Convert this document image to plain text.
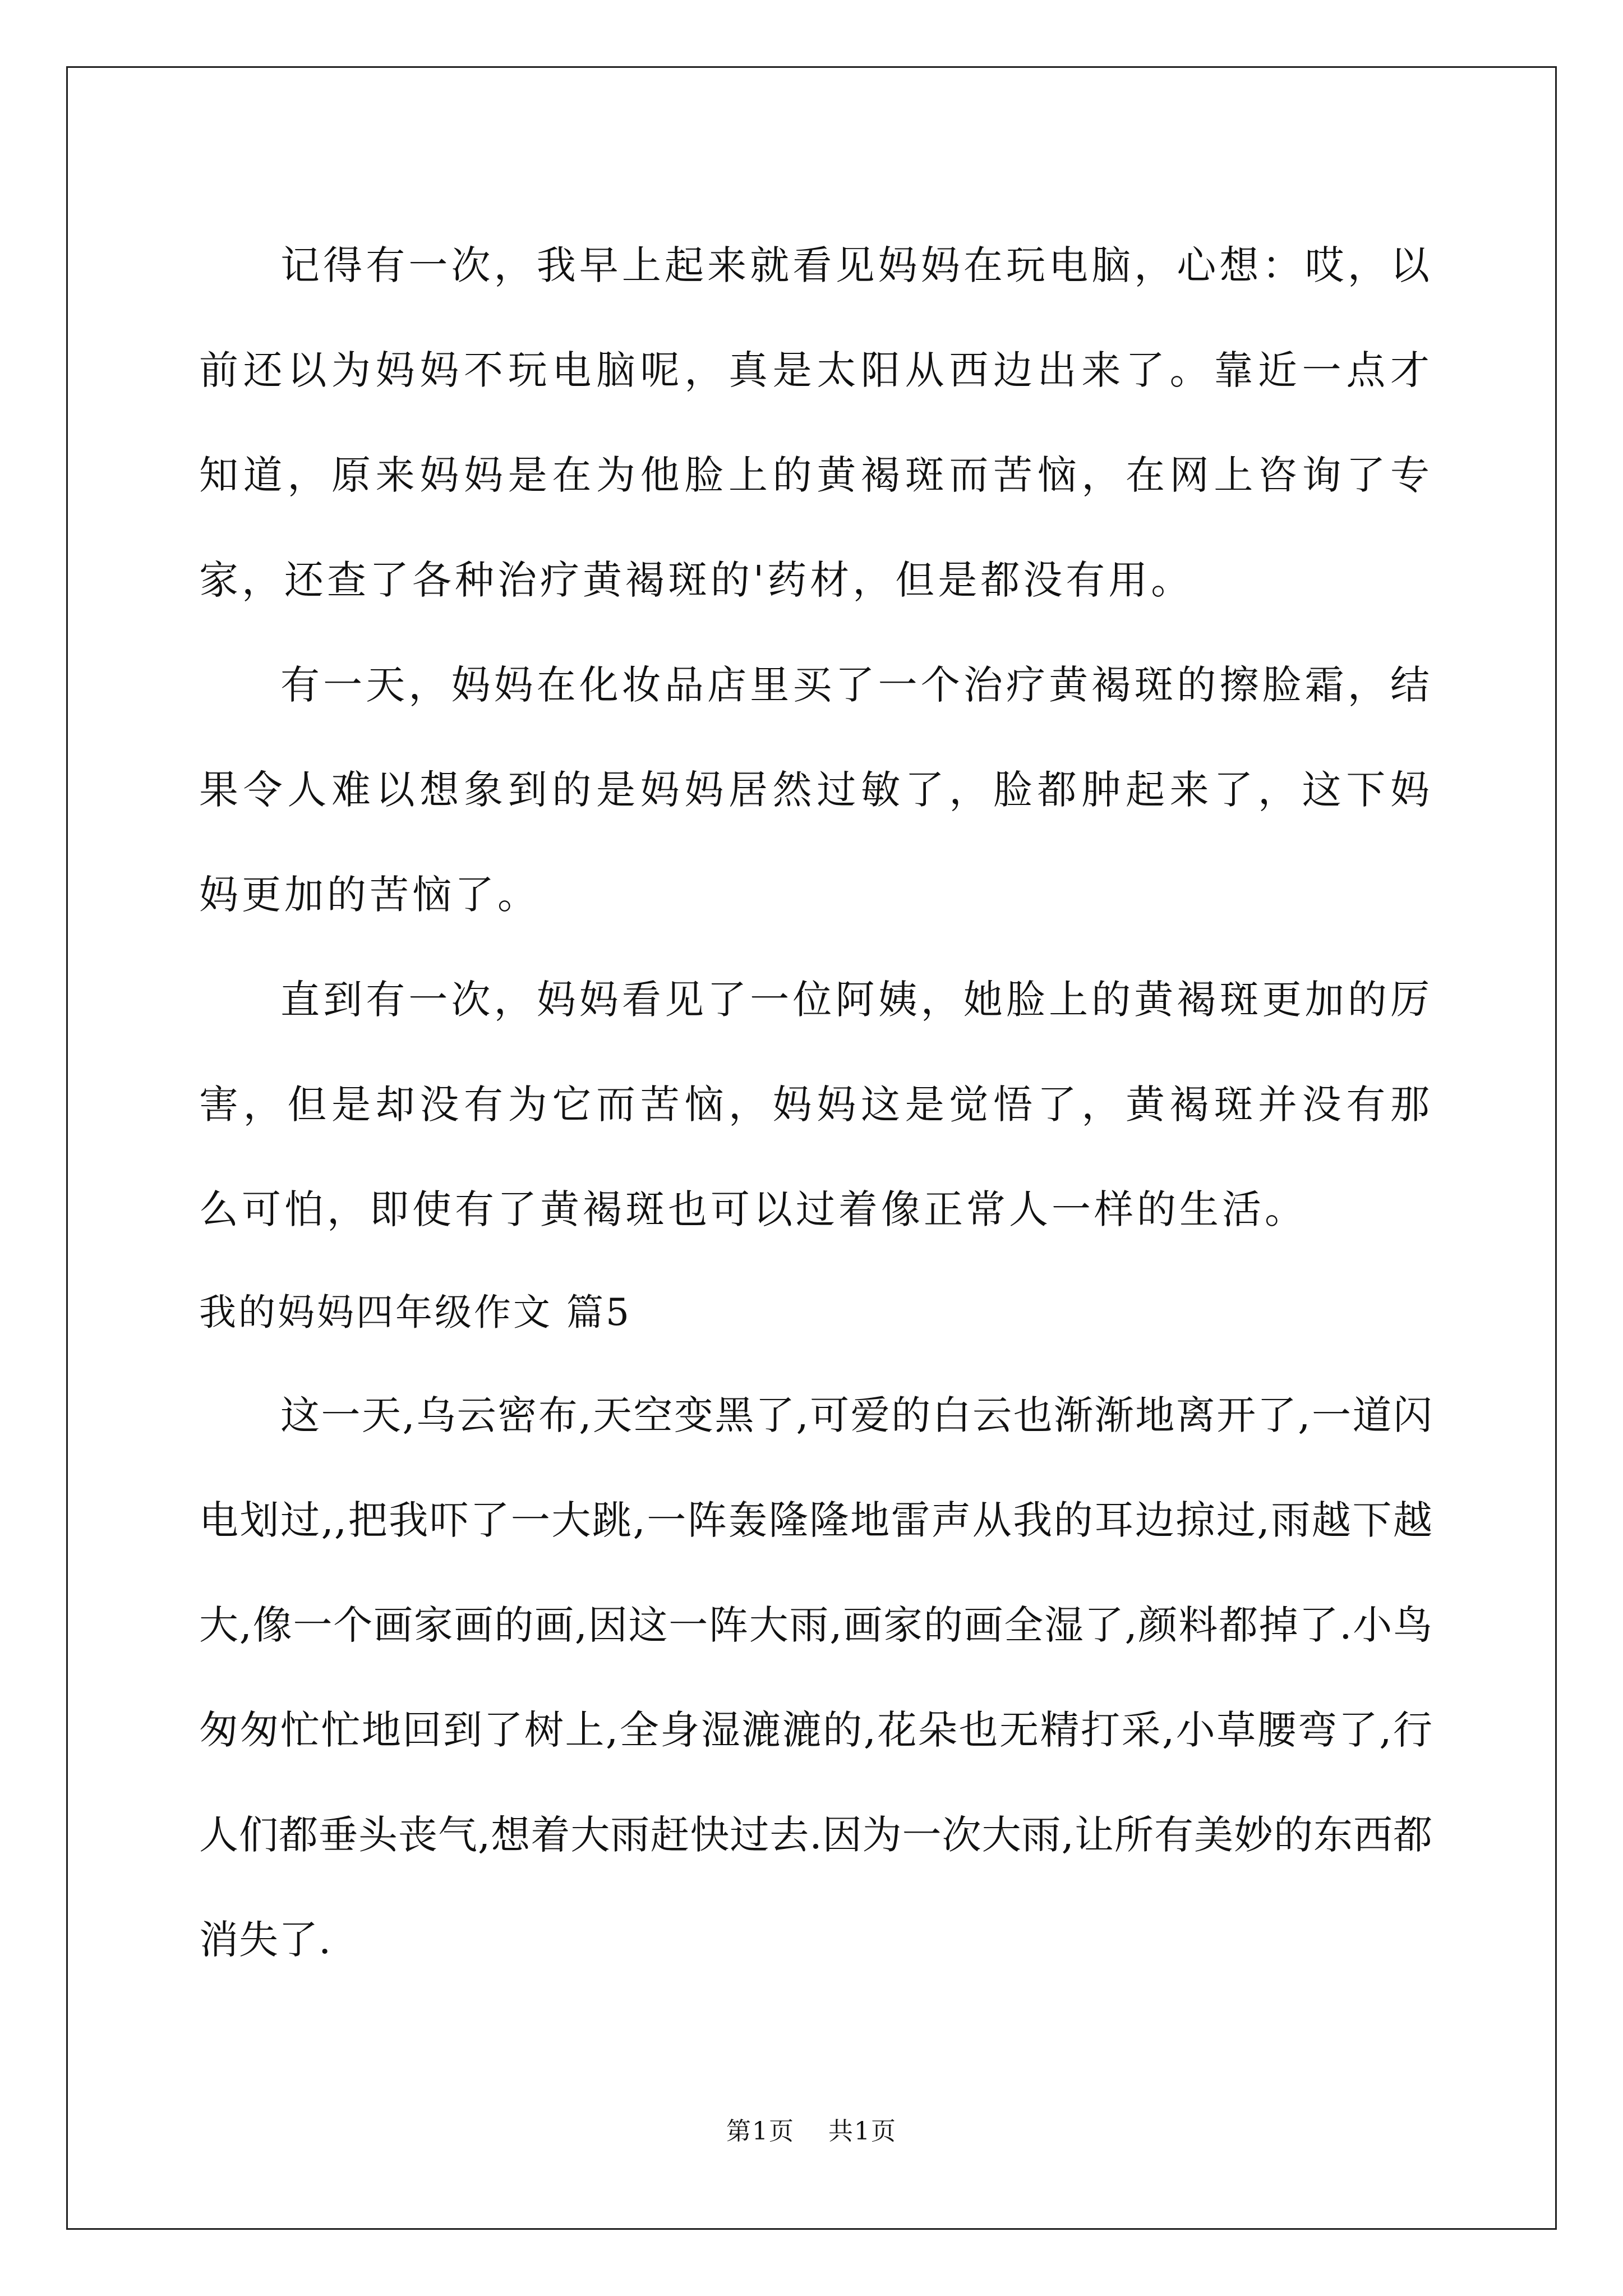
记得有一次，我早上起来就看见妈妈在玩电脑，心想：哎，以前还以为妈妈不玩电脑呢，真是太阳从西边出来了。靠近一点才知道，原来妈妈是在为他脸上的黄褐斑而苦恼，在网上咨询了专家，还查了各种治疗黄褐斑的'药材，但是都没有用。

有一天，妈妈在化妆品店里买了一个治疗黄褐斑的擦脸霜，结果令人难以想象到的是妈妈居然过敏了，脸都肿起来了，这下妈妈更加的苦恼了。

直到有一次，妈妈看见了一位阿姨，她脸上的黄褐斑更加的厉害，但是却没有为它而苦恼，妈妈这是觉悟了，黄褐斑并没有那么可怕，即使有了黄褐斑也可以过着像正常人一样的生活。

我的妈妈四年级作文 篇5

这一天,乌云密布,天空变黑了,可爱的白云也渐渐地离开了,一道闪电划过,,把我吓了一大跳,一阵轰隆隆地雷声从我的耳边掠过,雨越下越大,像一个画家画的画,因这一阵大雨,画家的画全湿了,颜料都掉了.小鸟匆匆忙忙地回到了树上,全身湿漉漉的,花朵也无精打采,小草腰弯了,行人们都垂头丧气,想着大雨赶快过去.因为一次大雨,让所有美妙的东西都消失了.

第1页 共1页
